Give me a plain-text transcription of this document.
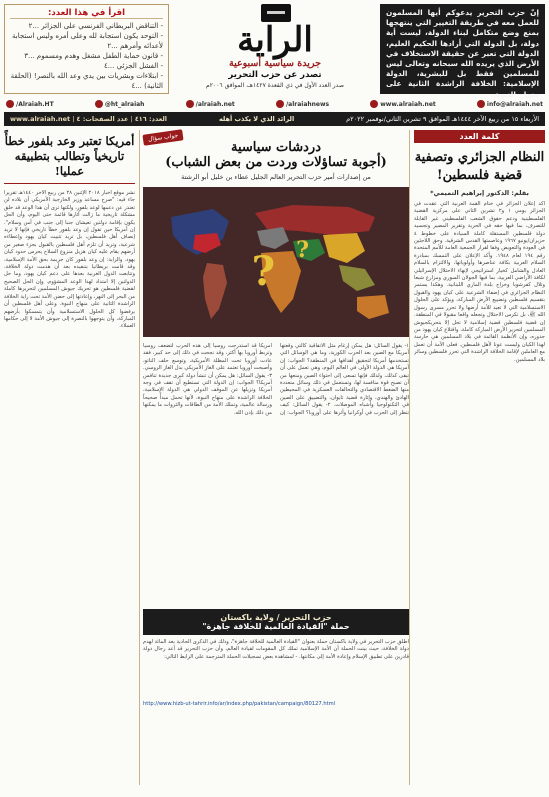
إنّ حزب التحرير يدعوكم أيها المسلمون للعمل معه في طريقة التغيير التي ينتهجها بمنع وضع متكامل لبناء الدولة، ليست أية دولة، بل الدولة التي أرادها الحكيم العليم، الدولة التي تعبر عن حقيقة الاستخلاف في الأرض الذي يريده الله سبحانه وتعالى ليس للمسلمين فقط بل للبشرية، الدولة الإسلامية: الخلافة الراشدة الثانية على منهاج النبوة.
الراية
جريدة سياسية أسبوعية
تصدر عن حزب التحرير
صدر العدد الأول في ذي القعدة ١٤٢٧هـ، الموافق ٢٠٠٦م
اقرأ في هذا العدد:
- التناقض البريطاني الفرنسي على الجزائر ...٢
- التوحد يكون استجابة لله وعلى أمره وليس استجابة لأعدائه وأمرهم ...٢
- قانون حماية الطفل مشغل وهدم ومسموم ...٣
- الفشل الجزئي ...٤
- ابتلاءات وبشريات بين يدي وعد الله بالنصر! (الحلقة الثانية) ...٤
/Alraiah.HT	@ht_alraiah	/alraiah.net	/alraiahnews	www.alraiah.net	info@alraiah.net
الأربعاء ١٥ من ربيع الآخر ١٤٤٤هـ الموافق ٩ تشرين الثاني/نوفمبر ٢٠٢٢م
الرائد الذي لا يكذب أهله
العدد: ٤١٦ | عدد الصفحات: ٤ | www.alraiah.net
كلمة العدد
النظام الجزائري وتصفية قضية فلسطين!
بقلم: الدكتور إبراهيم التميمي*
أكد إعلان الجزائر في ختام القمة العربية التي عقدت في الجزائر يومي ١ و٢ تشرين الثاني على مركزية القضية الفلسطينية ودعم حقوق الشعب الفلسطيني غير القابلة للتصرف، بما فيها حقه في الحرية وتقرير المصير وتجسيد دولة فلسطين المستقلة كاملة السيادة على خطوط ٤ حزيران/يونيو ١٩٦٧ وعاصمتها القدس الشرقية. وحق اللاجئين في العودة والتعويض وفقا لقرار الجمعية العامة للأمم المتحدة رقم ١٩٤ لعام ١٩٤٨. وأكد الإعلان على التمسك بمبادرة السلام العربية بكافة عناصرها وأولوياتها، والالتزام بالسلام العادل والشامل كخيار استراتيجي لإنهاء الاحتلال الإسرائيلي لكافة الأراضي العربية، بما فيها الجولان السوري ومزارع شبعا وتلال كفرشوبا وخراج بلدة الماري اللبنانية. وهكذا يستمر النظام الجزائري في إضفاء الشرعية على كيان يهود والقبول بتقسيم فلسطين وتضييع الأرض المباركة، ويؤكد على الحلول الاستسلامية التي لا تعيد للأمة أرضها ولا تحرر مسرى رسول الله ﷺ، بل تكرس الاحتلال وتجعله واقعا مقبولا في المنطقة. إن قضية فلسطين قضية إسلامية لا تحل إلا بتحريكجيوش المسلمين لتحرير الأرض المباركة كاملة، واقتلاع كيان يهود من جذوره، وإن الأنظمة القائمة في بلاد المسلمين هي حارسة لهذا الكيان وليست عونا لأهل فلسطين. فعلى الأمة أن تعمل مع العاملين لإقامة الخلافة الراشدة التي تحرر فلسطين وسائر بلاد المسلمين.
جواب سؤال
دردشات سياسية
(أجوبة تساؤلات وردت من بعض الشباب)
من إصدارات أمير حزب التحرير العالم الجليل عطاء بن خليل أبو الرشتة
? ?
١- يقول السائل: هل يمكن إرغام مثل الاتفاقية كالتي وقعتها أمريكا مع الصين بعد الحرب الكورية، وما هي الوسائل التي تستخدمها أمريكا لتحقيق أهدافها في المنطقة؟ الجواب: إن أمريكا هي الدولة الأولى في العالم اليوم، وهي تعمل على أن تبقى كذلك، ولذلك فإنها تسعى إلى احتواء الصين ومنعها من أن تصبح قوة منافسة لها، وتستعمل في ذلك وسائل متعددة منها الضغط الاقتصادي والتحالفات العسكرية في المحيطين الهادئ والهندي، وإثارة قضية تايوان، والتضييق على الصين في التكنولوجيا وأشباه الموصلات. ٢- يقول السائل: كيف تنظر إلى الحرب في أوكرانيا وأثرها على أوروبا؟ الجواب: إن أمريكا قد استدرجت روسيا إلى هذه الحرب لتضعف روسيا وتربط أوروبا بها أكثر، وقد نجحت في ذلك إلى حد كبير، فقد عادت أوروبا تحت المظلة الأمريكية، وتوسع حلف الناتو، وأصبحت أوروبا تعتمد على الغاز الأمريكي بدل الغاز الروسي. ٣- يقول السائل: هل يمكن أن تنشأ دولة كبرى جديدة تنافس أمريكا؟ الجواب: إن الدولة التي تستطيع أن تقف في وجه أمريكا وتزيلها عن الموقف الدولي هي الدولة الإسلامية، الخلافة الراشدة على منهاج النبوة، لأنها تحمل مبدأً صحيحاً ورسالة عالمية، وتملك الأمة من الطاقات والثروات ما يمكنها من ذلك بإذن الله.
حزب التحرير / ولاية باكستان
حملة "القيادة العالمية للخلافة جاهزة"
أطلق حزب التحرير في ولاية باكستان حملة بعنوان "القيادة العالمية للخلافة جاهزة"، وذلك في الذكرى الحادية بعد المائة لهدم دولة الخلافة، حيث بينت الحملة أن الأمة الإسلامية تملك كل المقومات لقيادة العالم، وأن حزب التحرير قد أعد رجال دولة قادرين على تطبيق الإسلام وإعادة الأمة إلى مكانتها. - لمشاهدة بعض تسجيلات الحملة المترجمة على الرابط التالي:
http://www.hizb-ut-tahrir.info/ar/index.php/pakistan/campaign/80127.html
أمريكا تعتبر وعد بلفور خطأً تاريخياً وتطالب بتطبيقه عمليا!
نشر موقع أخبار ٢٠١٨ الإثنين ٢٨ من ربيع الآخر ١٤٤٠هـ تقريرا جاء فيه: "صرح مساعد وزير الخارجية الأمريكي أن بلاده لن تعتذر عن دعمها لوعد بلفور، ولكنها ترى أن هذا الوعد قد خلق مشكلة تاريخية ما زالت آثارها قائمة حتى اليوم، وأن الحل يكون بإقامة دولتين تعيشان جنبا إلى جنب في أمن وسلام". إن أمريكا حين تقول إن وعد بلفور خطأ تاريخي فإنها لا تريد إنصاف أهل فلسطين، بل تريد تثبيت كيان يهود وإعطاءه شرعية، وتريد أن تلزم أهل فلسطين بالقبول بجزء صغير من أرضهم يقام عليه كيان هزيل منزوع السلاح يحرس حدود كيان يهود. والراية: إن وعد بلفور كان جريمة بحق الأمة الإسلامية، وقد قامت بريطانيا بتنفيذه بعد أن هدمت دولة الخلافة، وتتابعت الدول الغربية بعدها على دعم كيان يهود، وما حل الدولتين إلا امتداد لهذا الوعد المشؤوم. وإن الحل الصحيح لقضية فلسطين هو تحريك جيوش المسلمين لتحريرها كاملة من البحر إلى النهر، وإعادتها إلى حضن الأمة تحت راية الخلافة الراشدة الثانية على منهاج النبوة. وعلى أهل فلسطين أن يرفضوا كل الحلول الاستسلامية وأن يتمسكوا بأرضهم المباركة، وأن يتوجهوا بالنصرة إلى جيوش الأمة لا إلى حكامها العملاء.
